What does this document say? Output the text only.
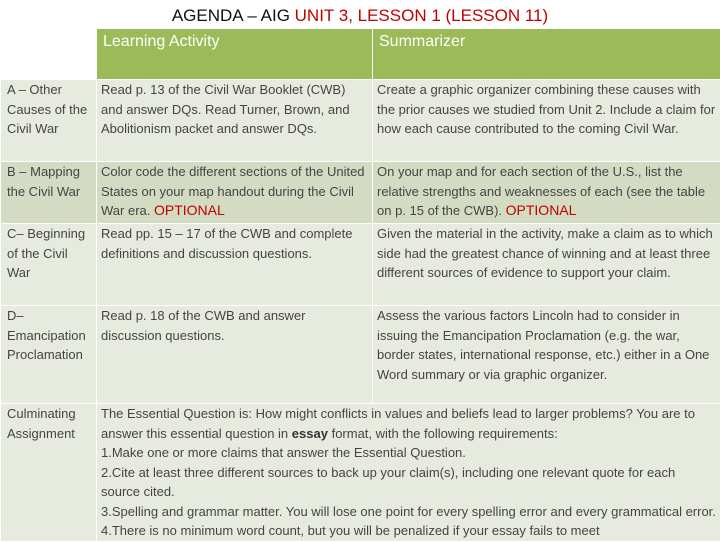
AGENDA – AIG UNIT 3, LESSON 1 (LESSON 11)
	Learning Activity	Summarizer
A – Other Causes of the Civil War	Read p. 13 of the Civil War Booklet (CWB) and answer DQs. Read Turner, Brown, and Abolitionism packet and answer DQs.	Create a graphic organizer combining these causes with the prior causes we studied from Unit 2. Include a claim for how each cause contributed to the coming Civil War.
B – Mapping the Civil War	Color code the different sections of the United States on your map handout during the Civil War era. OPTIONAL	On your map and for each section of the U.S., list the relative strengths and weaknesses of each (see the table on p. 15 of the CWB). OPTIONAL
C– Beginning of the Civil War	Read pp. 15 – 17 of the CWB and complete definitions and discussion questions.	Given the material in the activity, make a claim as to which side had the greatest chance of winning and at least three different sources of evidence to support your claim.
D– Emancipation Proclamation	Read p. 18 of the CWB and answer discussion questions.	Assess the various factors Lincoln had to consider in issuing the Emancipation Proclamation (e.g. the war, border states, international response, etc.) either in a One Word summary or via graphic organizer.
Culminating Assignment	The Essential Question is: How might conflicts in values and beliefs lead to larger problems? You are to answer this essential question in essay format, with the following requirements:
1.Make one or more claims that answer the Essential Question.
2.Cite at least three different sources to back up your claim(s), including one relevant quote for each source cited.
3.Spelling and grammar matter. You will lose one point for every spelling error and every grammatical error.
4.There is no minimum word count, but you will be penalized if your essay fails to meet	
